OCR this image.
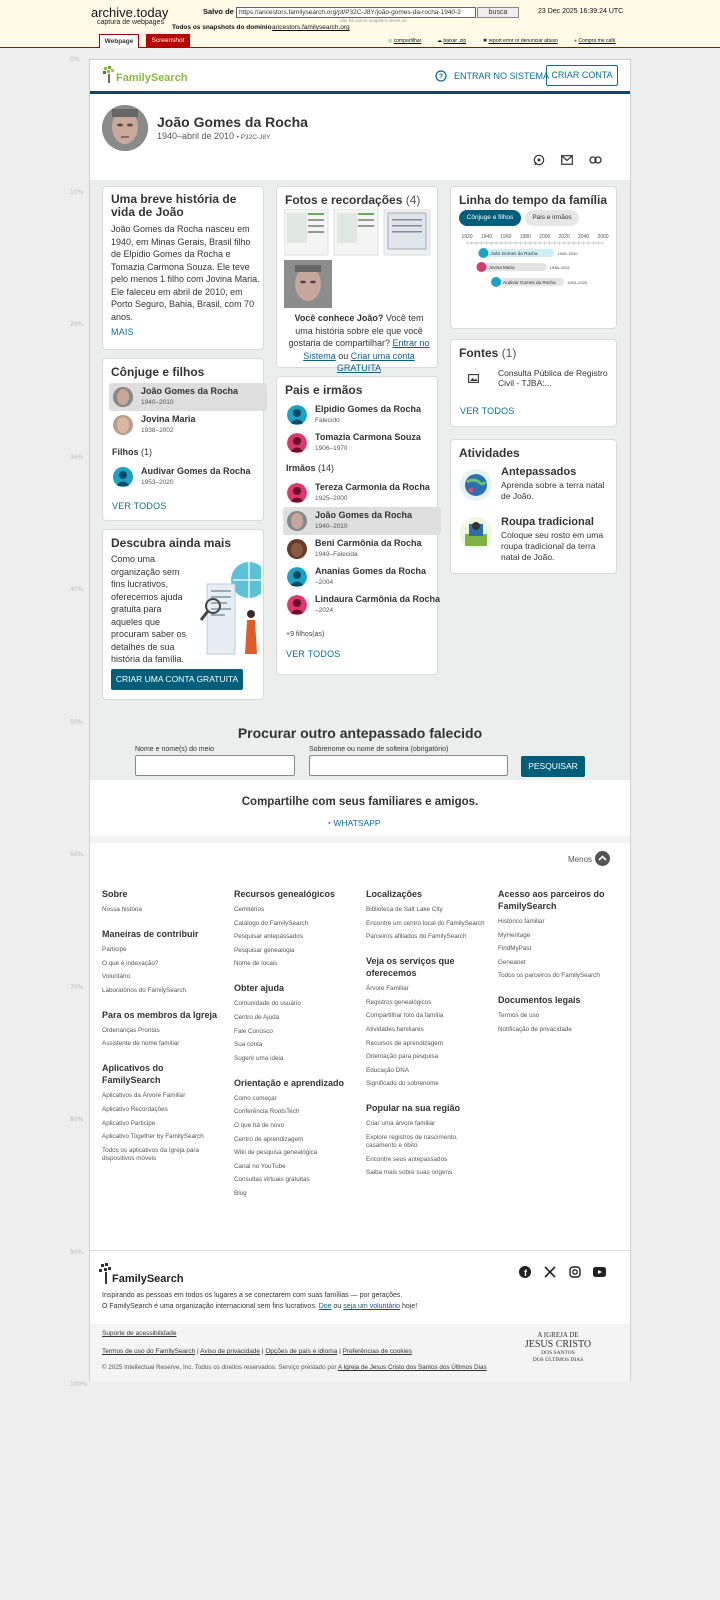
archive.today
captura de webpages
Salvo de https://ancestors.familysearch.org/pt/P32C-J8Y/joão-gomes-da-rocha-1940-2
não há outros snapshot desse url
Todos os snapshots do domínio ancestors.familysearch.org
busca	23 Dec 2025 16:39:24 UTC
Webpage	Screenshot	◎ compartilhar	☁ baixar .zip	✱ report error or denunciar abuso	● Compra me café
0%
10%
20%
30%
40%
50%
60%
70%
80%
90%
100%
FamilySearch	? ENTRAR NO SISTEMA CRIAR CONTA
João Gomes da Rocha
1940–abril de 2010 • P32C-J8Y
Uma breve história de vida de João
João Gomes da Rocha nasceu em 1940, em Minas Gerais, Brasil filho de Elpidio Gomes da Rocha e Tomazia Carmona Souza. Ele teve pelo menos 1 filho com Jovina Maria. Ele faleceu em abril de 2010, em Porto Seguro, Bahia, Brasil, com 70 anos.
MAIS
Cônjuge e filhos
João Gomes da Rocha
1940–2010
Jovina Maria
1938–2002
Filhos (1)
Audivar Gomes da Rocha
1953–2020
VER TODOS
Descubra ainda mais
Como uma organização sem fins lucrativos, oferecemos ajuda gratuita para aqueles que procuram saber os detalhes de sua história da família.
CRIAR UMA CONTA GRATUITA
Fotos e recordações (4)
Você conhece João? Você tem uma história sobre ele que você gostaria de compartilhar? Entrar no Sistema ou Criar uma conta GRATUITA
Pais e irmãos
Elpidio Gomes da Rocha
Falecido
Tomazia Carmona Souza
1906–1970
Irmãos (14)
Tereza Carmonia da Rocha
1925–2000
João Gomes da Rocha
1940–2010
Beni Carmônia da Rocha
1949–Falecida
Ananias Gomes da Rocha
–2004
Lindaura Carmônia da Rocha
–2024
+9 filhos(as)
VER TODOS
Linha do tempo da família
Cônjuge e filhos	Pais e irmãos
1920 1940 1960 1980 2000 2020 2040 2060
João Gomes da Rocha	1940–2010
Jovina Maria	1938–2002
Audivar Gomes da Rocha	1953–2020
Fontes (1)
Consulta Pública de Registro Civil - TJBA:...
VER TODOS
Atividades
Antepassados
Aprenda sobre a terra natal de João.
Roupa tradicional
Coloque seu rosto em uma roupa tradicional da terra natal de João.
Procurar outro antepassado falecido
Nome e nome(s) do meio	Sobrenome ou nome de solteira (obrigatório)
PESQUISAR
Compartilhe com seus familiares e amigos.
◔ WHATSAPP
Menos
Sobre
Nossa história
Maneiras de contribuir
Participe
O que é indexação?
Voluntário
Laboratórios do FamilySearch
Para os membros da Igreja
Ordenanças Prontas
Assistente de nome familiar
Aplicativos do FamilySearch
Aplicativos da Árvore Familiar
Aplicativo Recordações
Aplicativo Participe
Aplicativo Together by FamilySearch
Todos os aplicativos da Igreja para dispositivos móveis
Recursos genealógicos
Cemitérios
Catálogo do FamilySearch
Pesquisar antepassados
Pesquisar genealogia
Nome de locais
Obter ajuda
Comunidade do usuário
Centro de Ajuda
Fale Conosco
Sua conta
Sugerir uma ideia
Orientação e aprendizado
Como começar
Conferência RootsTech
O que há de novo
Centro de aprendizagem
Wiki de pesquisa genealógica
Canal no YouTube
Consultas virtuais gratuitas
Blog
Localizações
Biblioteca de Salt Lake City
Encontre um centro local do FamilySearch
Parceiros afiliados do FamilySearch
Veja os serviços que oferecemos
Árvore Familiar
Registros genealógicos
Compartilhar foto da família
Atividades familiares
Recursos de aprendizagem
Orientação para pesquisa
Educação DNA
Significado do sobrenome
Popular na sua região
Criar uma árvore familiar
Explore registros de nascimento, casamento e óbito
Encontre seus antepassados
Saiba mais sobre suas origens
Acesso aos parceiros do FamilySearch
Histórico familiar
MyHeritage
FindMyPast
Geneanet
Todos os parceiros do FamilySearch
Documentos legais
Termos de uso
Notificação de privacidade
FamilySearch	f
Inspirando as pessoas em todos os lugares a se conectarem com suas famílias — por gerações.
O FamilySearch é uma organização internacional sem fins lucrativos. Doe ou seja um voluntário hoje!
Suporte de acessibilidade
Termos de uso do FamilySearch | Aviso de privacidade | Opções de país e idioma | Preferências de cookies
© 2025 Intellectual Reserve, Inc. Todos os direitos reservados. Serviço prestado por A Igreja de Jesus Cristo dos Santos dos Últimos Dias
A IGREJA DE
JESUS CRISTO
DOS SANTOS
DOS ÚLTIMOS DIAS
